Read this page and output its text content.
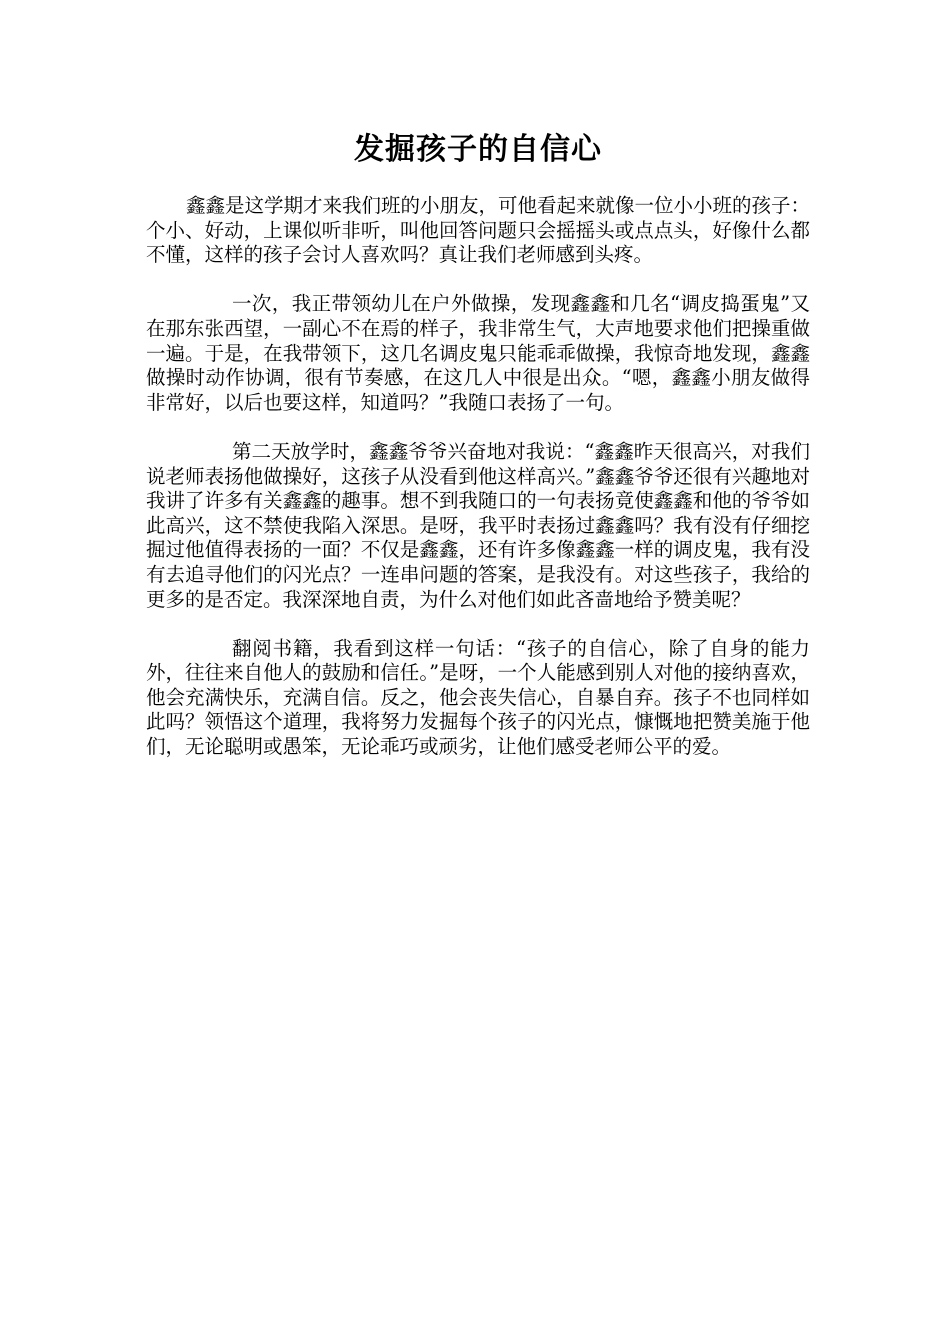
发掘孩子的自信心

鑫鑫是这学期才来我们班的小朋友，可他看起来就像一位小小班的孩子：个小、好动，上课似听非听，叫他回答问题只会摇摇头或点点头，好像什么都不懂，这样的孩子会讨人喜欢吗？真让我们老师感到头疼。

一次，我正带领幼儿在户外做操，发现鑫鑫和几名“调皮捣蛋鬼”又在那东张西望，一副心不在焉的样子，我非常生气，大声地要求他们把操重做一遍。于是，在我带领下，这几名调皮鬼只能乖乖做操，我惊奇地发现，鑫鑫做操时动作协调，很有节奏感，在这几人中很是出众。“嗯，鑫鑫小朋友做得非常好，以后也要这样，知道吗？”我随口表扬了一句。

第二天放学时，鑫鑫爷爷兴奋地对我说：“鑫鑫昨天很高兴，对我们说老师表扬他做操好，这孩子从没看到他这样高兴。”鑫鑫爷爷还很有兴趣地对我讲了许多有关鑫鑫的趣事。想不到我随口的一句表扬竟使鑫鑫和他的爷爷如此高兴，这不禁使我陷入深思。是呀，我平时表扬过鑫鑫吗？我有没有仔细挖掘过他值得表扬的一面？不仅是鑫鑫，还有许多像鑫鑫一样的调皮鬼，我有没有去追寻他们的闪光点？一连串问题的答案，是我没有。对这些孩子，我给的更多的是否定。我深深地自责，为什么对他们如此吝啬地给予赞美呢？

翻阅书籍，我看到这样一句话：“孩子的自信心，除了自身的能力外，往往来自他人的鼓励和信任。”是呀，一个人能感到别人对他的接纳喜欢，他会充满快乐，充满自信。反之，他会丧失信心，自暴自弃。孩子不也同样如此吗？领悟这个道理，我将努力发掘每个孩子的闪光点，慷慨地把赞美施于他们，无论聪明或愚笨，无论乖巧或顽劣，让他们感受老师公平的爱。
